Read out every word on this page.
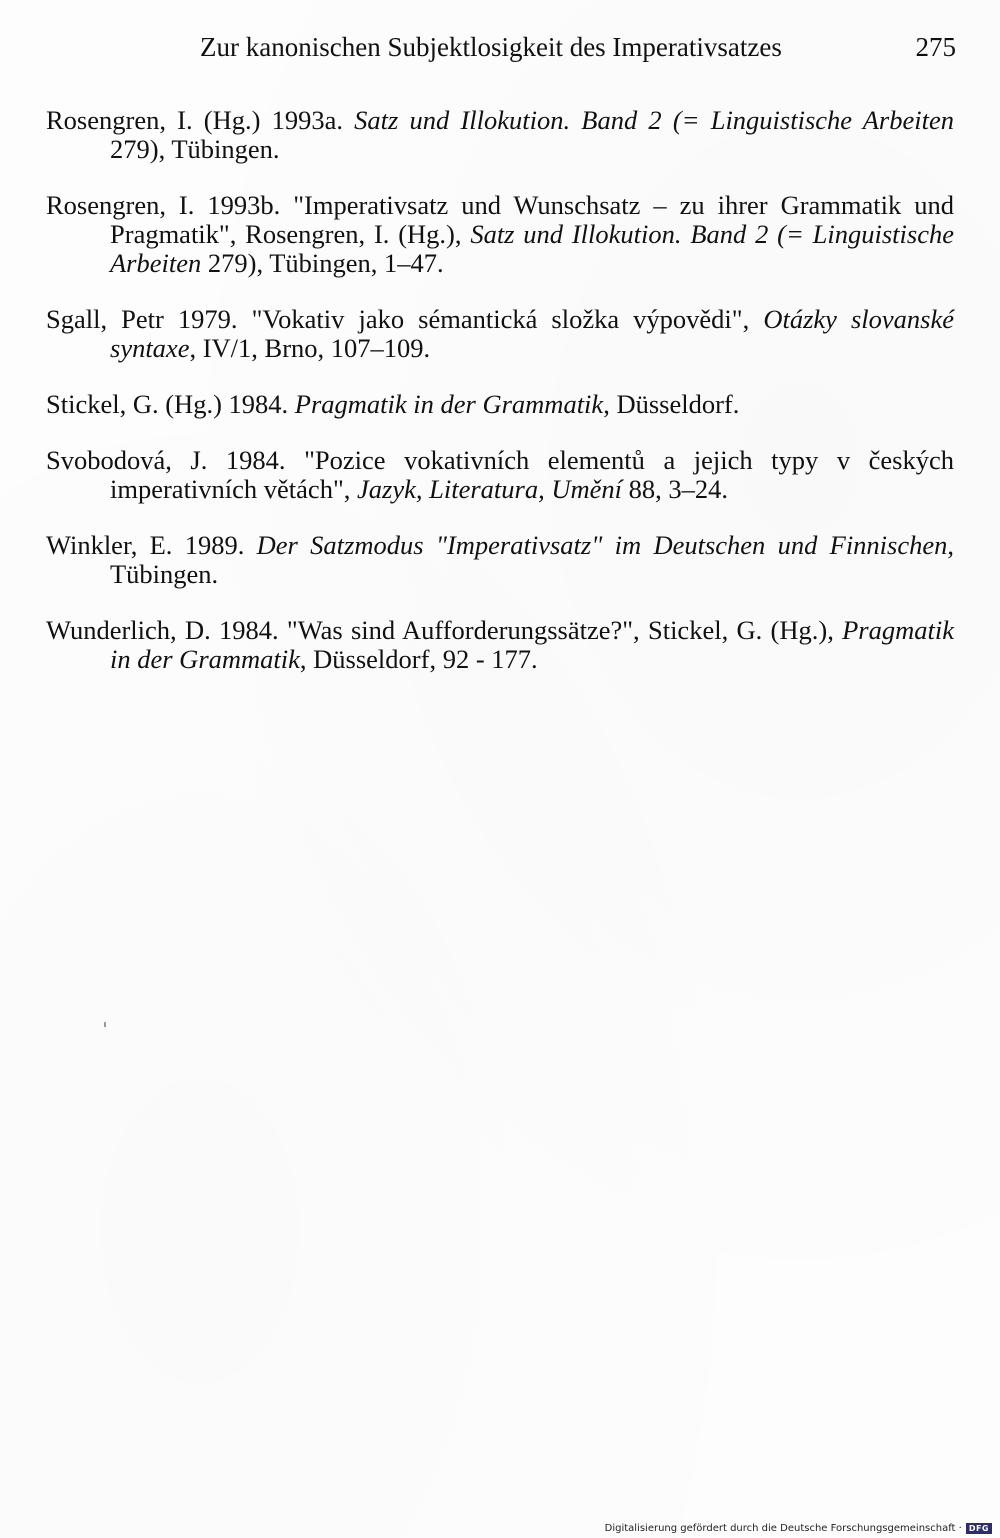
Zur kanonischen Subjektlosigkeit des Imperativsatzes	275

Rosengren, I. (Hg.) 1993a. Satz und Illokution. Band 2 (= Linguistische Arbeiten 279), Tübingen.

Rosengren, I. 1993b. "Imperativsatz und Wunschsatz – zu ihrer Grammatik und Pragmatik", Rosengren, I. (Hg.), Satz und Illokution. Band 2 (= Linguistische Arbeiten 279), Tübingen, 1–47.

Sgall, Petr 1979. "Vokativ jako sémantická složka výpovědi", Otázky slovanské syntaxe, IV/1, Brno, 107–109.

Stickel, G. (Hg.) 1984. Pragmatik in der Grammatik, Düsseldorf.

Svobodová, J. 1984. "Pozice vokativních elementů a jejich typy v českých imperativních větách", Jazyk, Literatura, Umění 88, 3–24.

Winkler, E. 1989. Der Satzmodus "Imperativsatz" im Deutschen und Finnischen, Tübingen.

Wunderlich, D. 1984. "Was sind Aufforderungssätze?", Stickel, G. (Hg.), Pragmatik in der Grammatik, Düsseldorf, 92 - 177.

Digitalisierung gefördert durch die Deutsche Forschungsgemeinschaft · DFG
